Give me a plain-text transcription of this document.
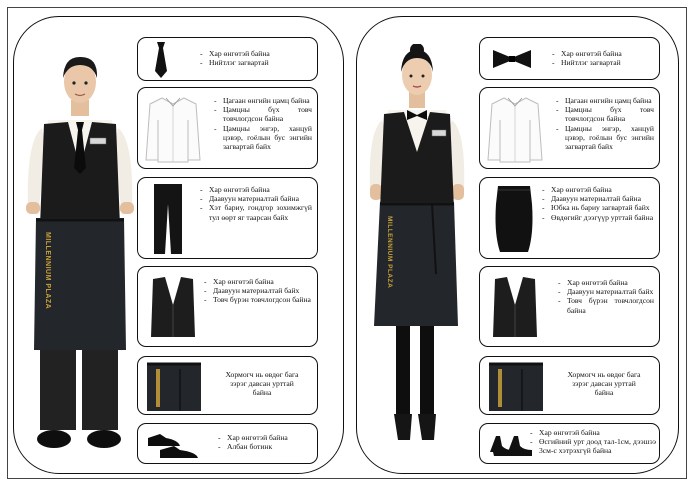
MILLENNIUM PLAZA
- Хар өнгөтэй байна
- Нийтлэг загвартай
- Цагаан өнгийн цамц байна
- Цамцны бүх товч товчлогдсон байна
- Цамцны энгэр, ханцуй цэвэр, гоёлын бус энгийн загвартай байх
- Хар өнгөтэй байна
- Даавуун материалтай байна
- Хэт бариу, гондгор зохимжгүй тул өөрт яг таарсан байх
- Хар өнгөтэй байна
- Даавуун материалтай байх
- Товч бүрэн товчлогдсон байна
Хормогч нь өвдөг бага зэрэг давсан урттай байна
- Хар өнгөтэй байна
- Албан ботинк
MILLENNIUM PLAZA
- Хар өнгөтэй байна
- Нийтлэг загвартай
- Цагаан өнгийн цамц байна
- Цамцны бүх товч товчлогдсон байна
- Цамцны энгэр, ханцуй цэвэр, гоёлын бус энгийн загвартай байх
- Хар өнгөтэй байна
- Даавуун материалтай байна
- Юбка нь бариу загвартай байх
- Өвдөгийг дээгүүр урттай байна
- Хар өнгөтэй байна
- Даавуун материалтай байх
- Товч бүрэн товчлогдсон байна
Хормогч нь өвдөг бага зэрэг давсан урттай байна
- Хар өнгөтэй байна
- Өсгийний урт доод тал-1см, дээшээ 3см-с хэтрэхгүй байна
